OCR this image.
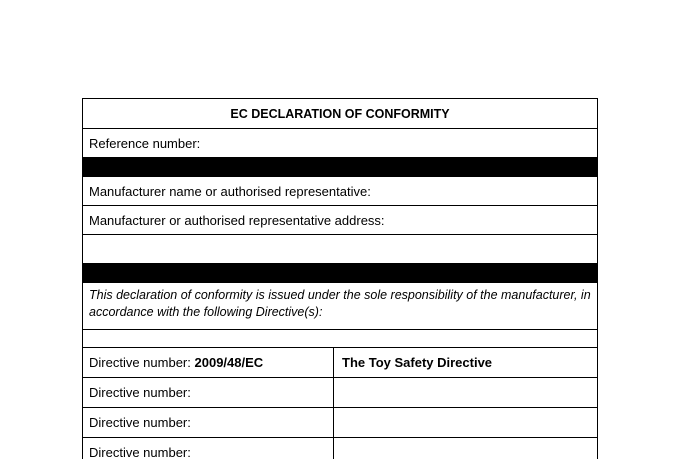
EC DECLARATION OF CONFORMITY
Reference number:
Manufacturer name or authorised representative:
Manufacturer or authorised representative address:
This declaration of conformity is issued under the sole responsibility of the manufacturer, in accordance with the following Directive(s):
Directive number: 2009/48/EC	The Toy Safety Directive
Directive number:
Directive number:
Directive number:
